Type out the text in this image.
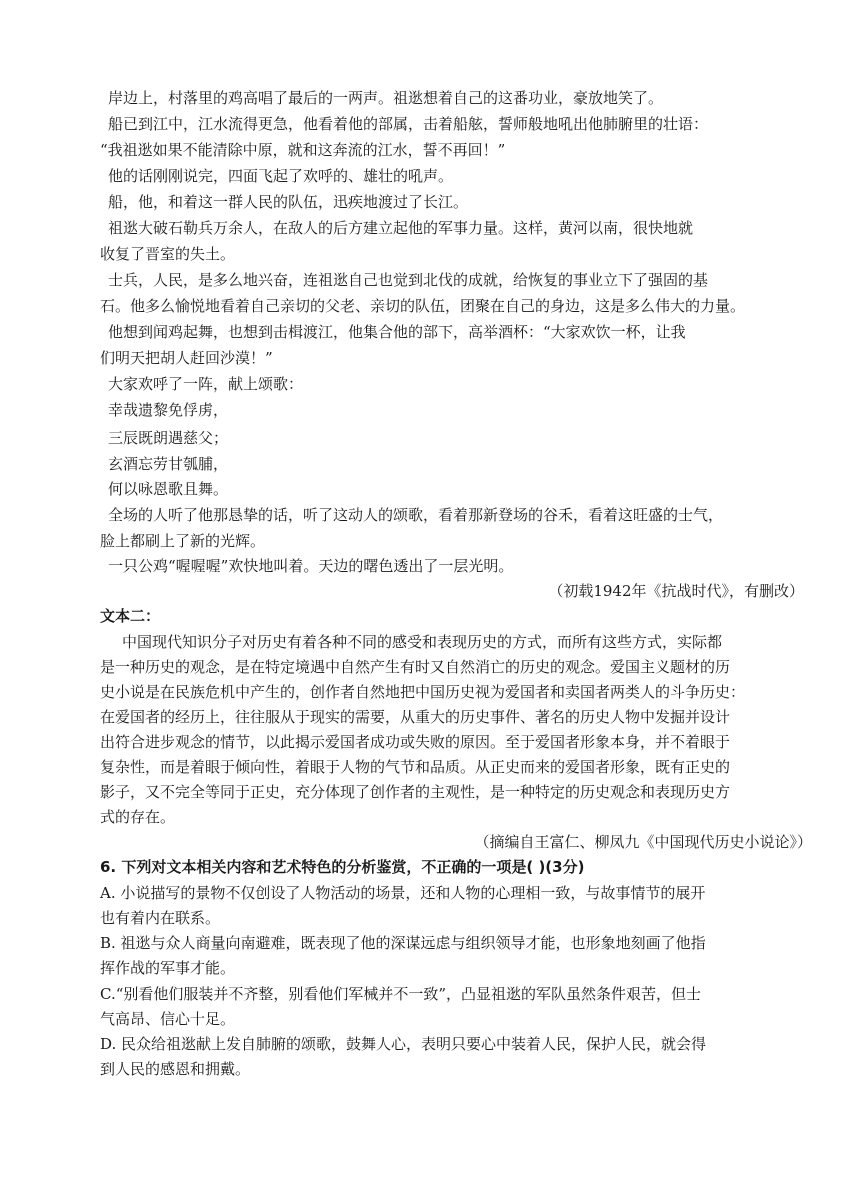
岸边上，村落里的鸡高唱了最后的一两声。祖逖想着自己的这番功业，豪放地笑了。
船已到江中，江水流得更急，他看着他的部属，击着船舷，誓师般地吼出他肺腑里的壮语：
“我祖逖如果不能清除中原，就和这奔流的江水，誓不再回！”
他的话刚刚说完，四面飞起了欢呼的、雄壮的吼声。
船，他，和着这一群人民的队伍，迅疾地渡过了长江。
祖逖大破石勒兵万余人，在敌人的后方建立起他的军事力量。这样，黄河以南，很快地就
收复了晋室的失土。
士兵，人民，是多么地兴奋，连祖逖自己也觉到北伐的成就，给恢复的事业立下了强固的基
石。他多么愉悦地看着自己亲切的父老、亲切的队伍，团聚在自己的身边，这是多么伟大的力量。
他想到闻鸡起舞，也想到击楫渡江，他集合他的部下，高举酒杯：“大家欢饮一杯，让我
们明天把胡人赶回沙漠！”
大家欢呼了一阵，献上颂歌：
幸哉遗黎免俘虏，
三辰既朗遇慈父；
玄酒忘劳甘瓠脯，
何以咏恩歌且舞。
全场的人听了他那恳挚的话，听了这动人的颂歌，看着那新登场的谷禾，看着这旺盛的士气，
脸上都刷上了新的光辉。
一只公鸡“喔喔喔”欢快地叫着。天边的曙色透出了一层光明。
（初载1942年《抗战时代》，有删改）
文本二：
中国现代知识分子对历史有着各种不同的感受和表现历史的方式，而所有这些方式，实际都
是一种历史的观念，是在特定境遇中自然产生有时又自然消亡的历史的观念。爱国主义题材的历
史小说是在民族危机中产生的，创作者自然地把中国历史视为爱国者和卖国者两类人的斗争历史：
在爱国者的经历上，往往服从于现实的需要，从重大的历史事件、著名的历史人物中发掘并设计
出符合进步观念的情节，以此揭示爱国者成功或失败的原因。至于爱国者形象本身，并不着眼于
复杂性，而是着眼于倾向性，着眼于人物的气节和品质。从正史而来的爱国者形象，既有正史的
影子，又不完全等同于正史，充分体现了创作者的主观性，是一种特定的历史观念和表现历史方
式的存在。
（摘编自王富仁、柳凤九《中国现代历史小说论》）
6. 下列对文本相关内容和艺术特色的分析鉴赏，不正确的一项是( )(3分)
A. 小说描写的景物不仅创设了人物活动的场景，还和人物的心理相一致，与故事情节的展开
也有着内在联系。
B. 祖逖与众人商量向南避难，既表现了他的深谋远虑与组织领导才能，也形象地刻画了他指
挥作战的军事才能。
C.“别看他们服装并不齐整，别看他们军械并不一致”，凸显祖逖的军队虽然条件艰苦，但士
气高昂、信心十足。
D. 民众给祖逖献上发自肺腑的颂歌，鼓舞人心，表明只要心中装着人民，保护人民，就会得
到人民的感恩和拥戴。
